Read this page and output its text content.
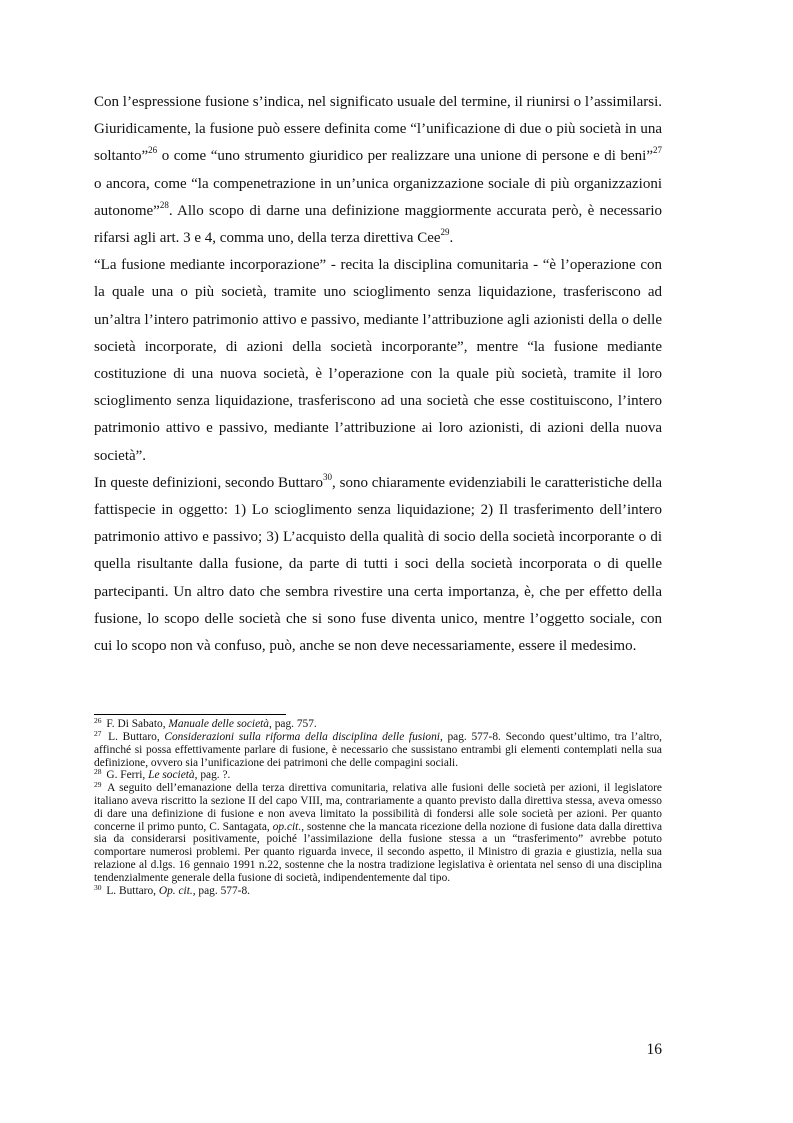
Con l’espressione fusione s’indica, nel significato usuale del termine, il riunirsi o l’assimilarsi. Giuridicamente, la fusione può essere definita come “l’unificazione di due o più società in una soltanto”$^{26}$ o come “uno strumento giuridico per realizzare una unione di persone e di beni”$^{27}$ o ancora, come “la compenetrazione in un’unica organizzazione sociale di più organizzazioni autonome”$^{28}$. Allo scopo di darne una definizione maggiormente accurata però, è necessario rifarsi agli art. 3 e 4, comma uno, della terza direttiva Cee$^{29}$.

“La fusione mediante incorporazione” - recita la disciplina comunitaria - “è l’operazione con la quale una o più società, tramite uno scioglimento senza liquidazione, trasferiscono ad un’altra l’intero patrimonio attivo e passivo, mediante l’attribuzione agli azionisti della o delle società incorporate, di azioni della società incorporante”, mentre “la fusione mediante costituzione di una nuova società, è l’operazione con la quale più società, tramite il loro scioglimento senza liquidazione, trasferiscono ad una società che esse costituiscono, l’intero patrimonio attivo e passivo, mediante l’attribuzione ai loro azionisti, di azioni della nuova società”.

In queste definizioni, secondo Buttaro$^{30}$, sono chiaramente evidenziabili le caratteristiche della fattispecie in oggetto: 1) Lo scioglimento senza liquidazione; 2) Il trasferimento dell’intero patrimonio attivo e passivo; 3) L’acquisto della qualità di socio della società incorporante o di quella risultante dalla fusione, da parte di tutti i soci della società incorporata o di quelle partecipanti. Un altro dato che sembra rivestire una certa importanza, è, che per effetto della fusione, lo scopo delle società che si sono fuse diventa unico, mentre l’oggetto sociale, con cui lo scopo non và confuso, può, anche se non deve necessariamente, essere il medesimo.

$^{26}$ F. Di Sabato, Manuale delle società, pag. 757.

$^{27}$ L. Buttaro, Considerazioni sulla riforma della disciplina delle fusioni, pag. 577-8. Secondo quest’ultimo, tra l’altro, affinché si possa effettivamente parlare di fusione, è necessario che sussistano entrambi gli elementi contemplati nella sua definizione, ovvero sia l’unificazione dei patrimoni che delle compagini sociali.

$^{28}$ G. Ferri, Le società, pag. ?.

$^{29}$ A seguito dell’emanazione della terza direttiva comunitaria, relativa alle fusioni delle società per azioni, il legislatore italiano aveva riscritto la sezione II del capo VIII, ma, contrariamente a quanto previsto dalla direttiva stessa, aveva omesso di dare una definizione di fusione e non aveva limitato la possibilità di fondersi alle sole società per azioni. Per quanto concerne il primo punto, C. Santagata, op.cit., sostenne che la mancata ricezione della nozione di fusione data dalla direttiva sia da considerarsi positivamente, poiché l’assimilazione della fusione stessa a un “trasferimento” avrebbe potuto comportare numerosi problemi. Per quanto riguarda invece, il secondo aspetto, il Ministro di grazia e giustizia, nella sua relazione al d.lgs. 16 gennaio 1991 n.22, sostenne che la nostra tradizione legislativa è orientata nel senso di una disciplina tendenzialmente generale della fusione di società, indipendentemente dal tipo.

$^{30}$ L. Buttaro, Op. cit., pag. 577-8.

16
